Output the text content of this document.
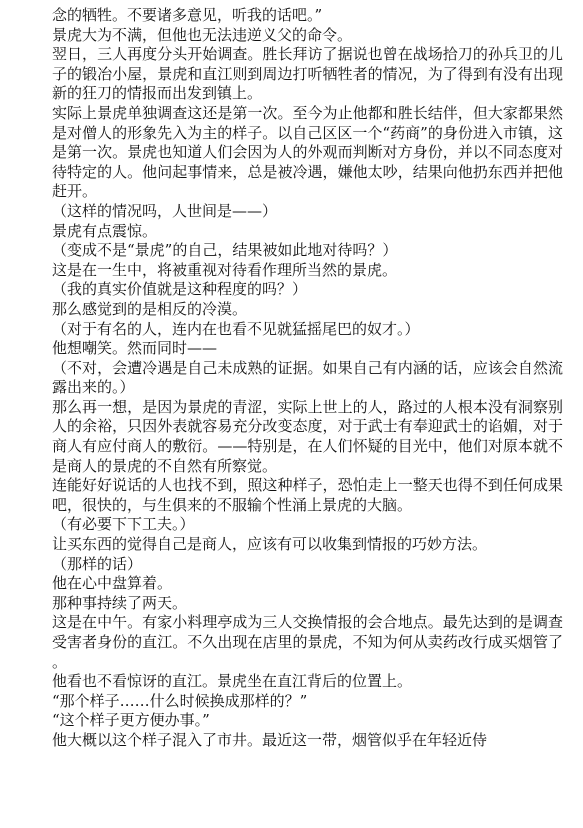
念的牺牲。不要诸多意见，听我的话吧。”

景虎大为不满，但他也无法违逆义父的命令。

翌日，三人再度分头开始调查。胜长拜访了据说也曾在战场拾刀的孙兵卫的儿子的锻冶小屋，景虎和直江则到周边打听牺牲者的情况，为了得到有没有出现新的狂刀的情报而出发到镇上。

实际上景虎单独调查这还是第一次。至今为止他都和胜长结伴，但大家都果然是对僧人的形象先入为主的样子。以自己区区一个“药商”的身份进入市镇，这是第一次。景虎也知道人们会因为人的外观而判断对方身份，并以不同态度对待特定的人。他问起事情来，总是被冷遇，嫌他太吵，结果向他扔东西并把他赶开。

（这样的情况吗，人世间是——）

景虎有点震惊。

（变成不是“景虎”的自己，结果被如此地对待吗？）

这是在一生中，将被重视对待看作理所当然的景虎。

（我的真实价值就是这种程度的吗？）

那么感觉到的是相反的冷漠。

（对于有名的人，连内在也看不见就猛摇尾巴的奴才。）

他想嘲笑。然而同时——

（不对，会遭冷遇是自己未成熟的证据。如果自己有内涵的话，应该会自然流露出来的。）

那么再一想，是因为景虎的青涩，实际上世上的人，路过的人根本没有洞察别人的余裕，只因外表就容易充分改变态度，对于武士有奉迎武士的谄媚，对于商人有应付商人的敷衍。——特别是，在人们怀疑的目光中，他们对原本就不是商人的景虎的不自然有所察觉。

连能好好说话的人也找不到，照这种样子，恐怕走上一整天也得不到任何成果吧，很快的，与生俱来的不服输个性涌上景虎的大脑。

（有必要下下工夫。）

让买东西的觉得自己是商人，应该有可以收集到情报的巧妙方法。

（那样的话）

他在心中盘算着。

那种事持续了两天。

这是在中午。有家小料理亭成为三人交换情报的会合地点。最先达到的是调查受害者身份的直江。不久出现在店里的景虎，不知为何从卖药改行成买烟管了。

他看也不看惊讶的直江。景虎坐在直江背后的位置上。

“那个样子……什么时候换成那样的？”

“这个样子更方便办事。”

他大概以这个样子混入了市井。最近这一带，烟管似乎在年轻近侍
